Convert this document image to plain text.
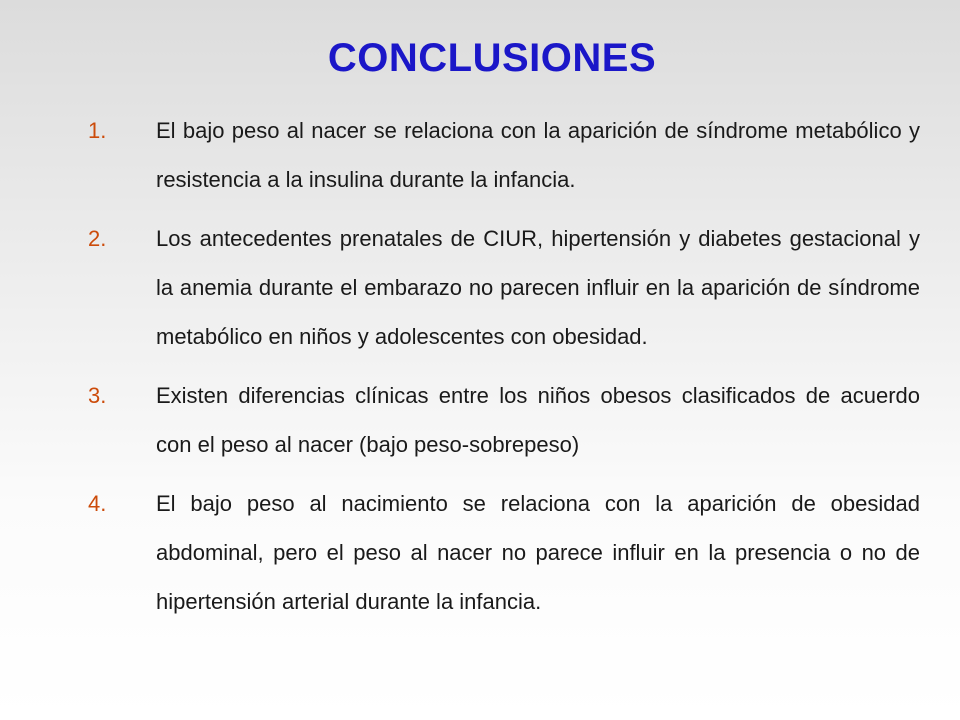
CONCLUSIONES
1. El bajo peso al nacer se relaciona con la aparición de síndrome metabólico y resistencia a la insulina durante la infancia.
2. Los antecedentes prenatales de CIUR, hipertensión y diabetes gestacional y la anemia durante el embarazo no parecen influir en la aparición de síndrome metabólico en niños y adolescentes con obesidad.
3. Existen diferencias clínicas entre los niños obesos clasificados de acuerdo con el peso al nacer (bajo peso-sobrepeso)
4. El bajo peso al nacimiento se relaciona con la aparición de obesidad abdominal, pero el peso al nacer no parece influir en la presencia o no de hipertensión arterial durante la infancia.
